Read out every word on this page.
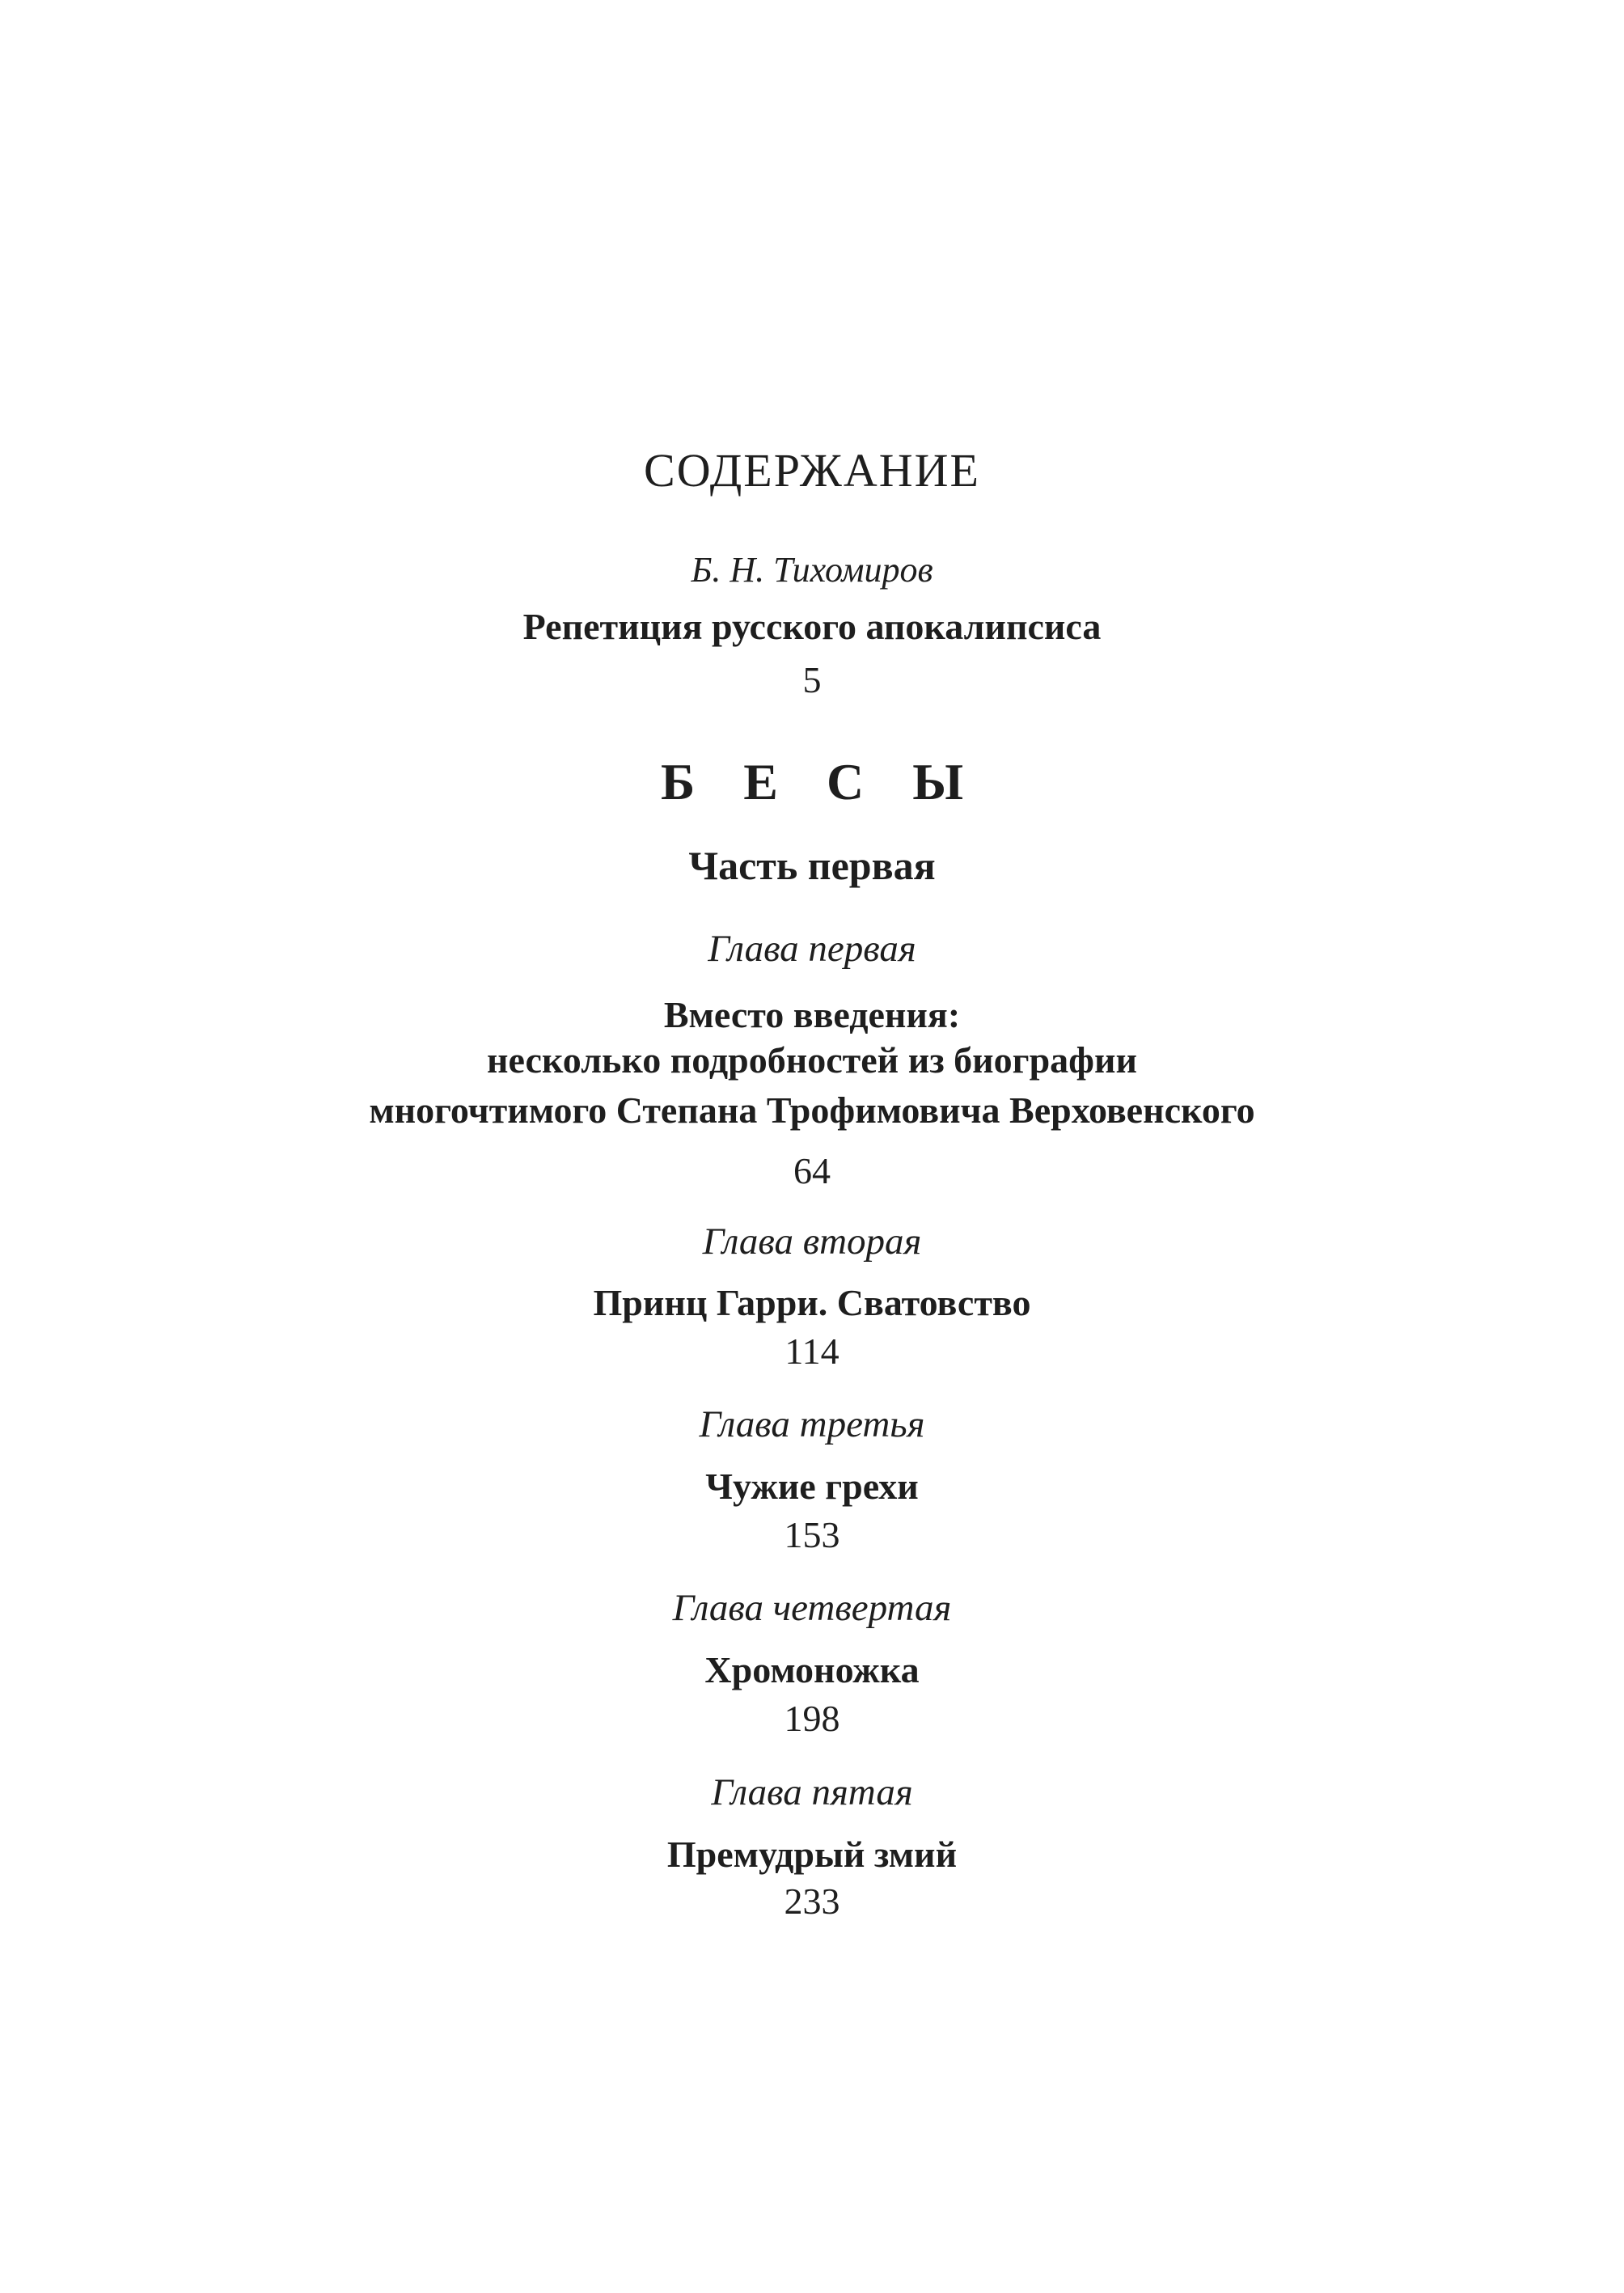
СОДЕРЖАНИЕ
Б. Н. Тихомиров
Репетиция русского апокалипсиса
5
Б Е С Ы
Часть первая
Глава первая
Вместо введения:
несколько подробностей из биографии
многочтимого Степана Трофимовича Верховенского
64
Глава вторая
Принц Гарри. Сватовство
114
Глава третья
Чужие грехи
153
Глава четвертая
Хромоножка
198
Глава пятая
Премудрый змий
233
